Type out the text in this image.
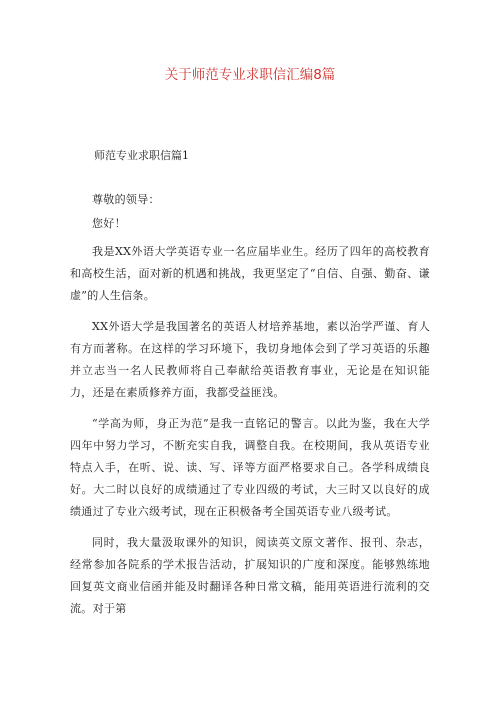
关于师范专业求职信汇编8篇
师范专业求职信篇1

尊敬的领导：

您好！

我是XX外语大学英语专业一名应届毕业生。经历了四年的高校教育和高校生活，面对新的机遇和挑战，我更坚定了“自信、自强、勤奋、谦虚”的人生信条。

XX外语大学是我国著名的英语人材培养基地，素以治学严谨、育人有方而著称。在这样的学习环境下，我切身地体会到了学习英语的乐趣并立志当一名人民教师将自己奉献给英语教育事业，无论是在知识能力，还是在素质修养方面，我都受益匪浅。

“学高为师，身正为范”是我一直铭记的警言。以此为鉴，我在大学四年中努力学习，不断充实自我，调整自我。在校期间，我从英语专业特点入手，在听、说、读、写、译等方面严格要求自己。各学科成绩良好。大二时以良好的成绩通过了专业四级的考试，大三时又以良好的成绩通过了专业六级考试，现在正积极备考全国英语专业八级考试。

同时，我大量汲取课外的知识，阅读英文原文著作、报刊、杂志，经常参加各院系的学术报告活动，扩展知识的广度和深度。能够熟练地回复英文商业信函并能及时翻译各种日常文稿，能用英语进行流利的交流。对于第
